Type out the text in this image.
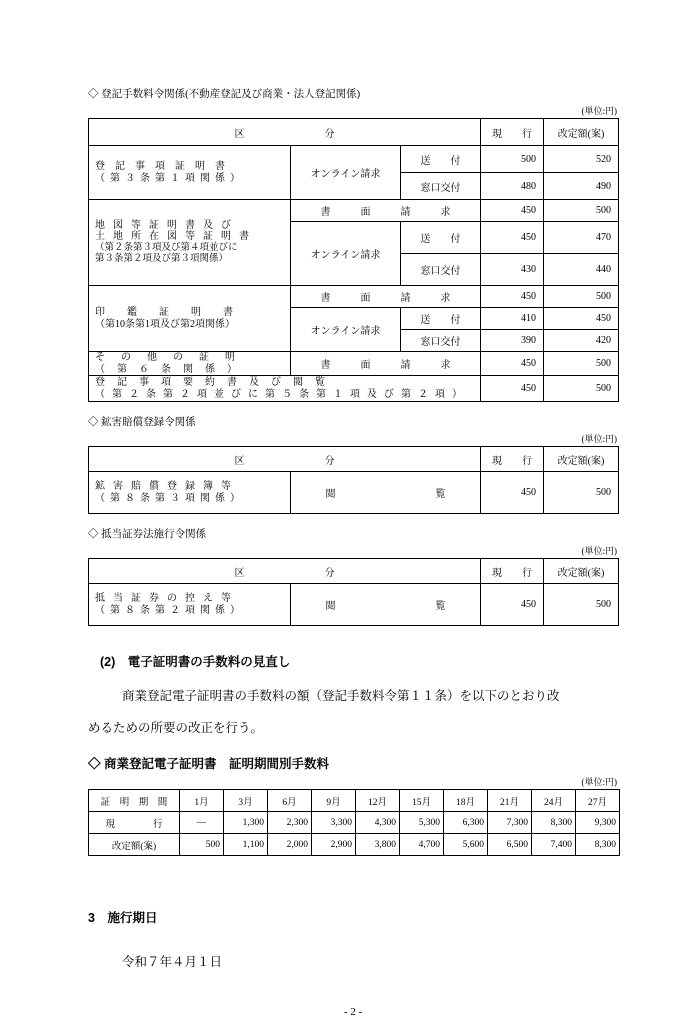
◇ 登記手数料令関係(不動産登記及び商業・法人登記関係)
(単位:円)
区　　　　　　　　分			現　　行	改定額(案)

登記事項証明書
（第３条第１項関係）	オンライン請求	送　　付	500	520
		窓口交付	480	490

地図等証明書及び
土地所在図等証明書
（第２条第３項及び第４項並びに
第３条第２項及び第３項関係）	書　　　面　　　請　　　求		450	500
	オンライン請求	送　　付	450	470
		窓口交付	430	440

印鑑証明書
（第10条第1項及び第2項関係）	書　　　面　　　請　　　求		450	500
	オンライン請求	送　　付	410	450
		窓口交付	390	420

その他の証明
（第６条関係）	書　　　面　　　請　　　求		450	500

登記事項要約書及び閲覧
（第２条第２項並びに第５条第１項及び第２項）			450	500
◇ 鉱害賠償登録令関係
(単位:円)
区　　　　　　　　分		現　　行	改定額(案)

鉱害賠償登録簿等
（第８条第３項関係）	閲　　　　　　　　　　覧	450	500
◇ 抵当証券法施行令関係
(単位:円)
区　　　　　　　　分		現　　行	改定額(案)

抵当証券の控え等
（第８条第２項関係）	閲　　　　　　　　　　覧	450	500
(2)　電子証明書の手数料の見直し
商業登記電子証明書の手数料の額（登記手数料令第１１条）を以下のとおり改
めるための所要の改正を行う。
◇ 商業登記電子証明書　証明期間別手数料
(単位:円)
証　明　期　間	1月	3月	6月	9月	12月	15月	18月	21月	24月	27月
現　　　　行	―	1,300	2,300	3,300	4,300	5,300	6,300	7,300	8,300	9,300
改定額(案)	500	1,100	2,000	2,900	3,800	4,700	5,600	6,500	7,400	8,300
3　施行期日
令和７年４月１日
- 2 -
